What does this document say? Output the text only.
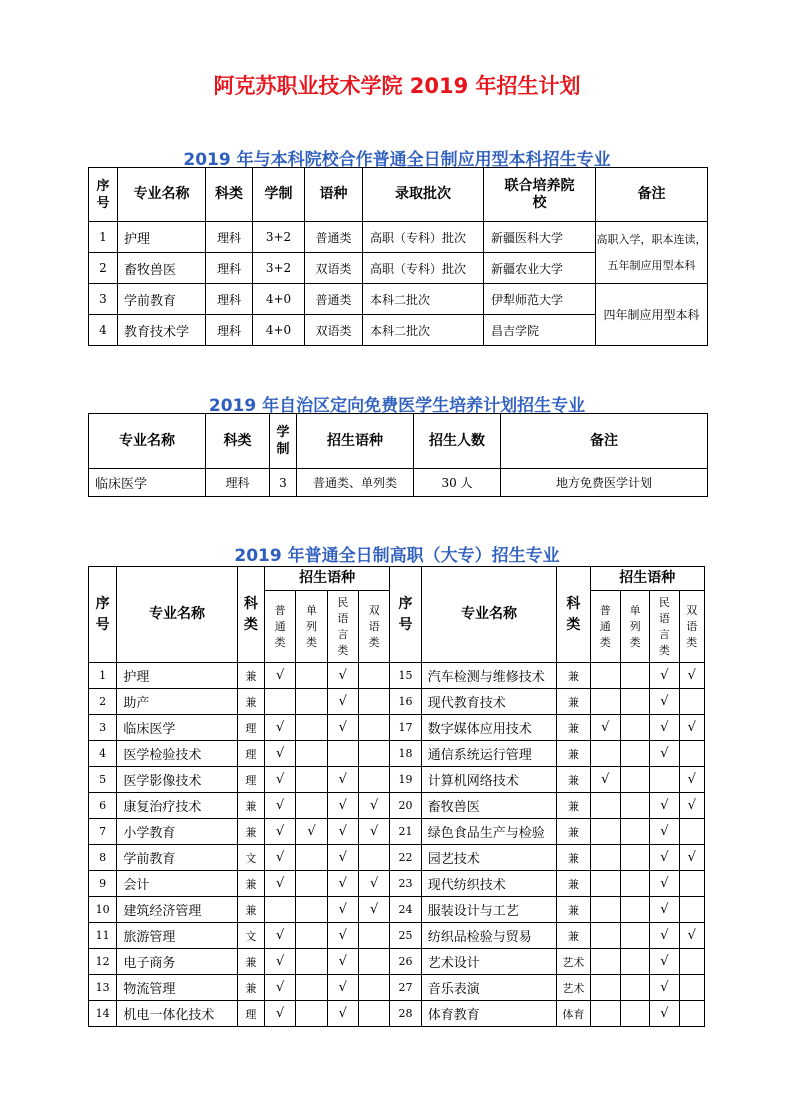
阿克苏职业技术学院 2019 年招生计划
2019 年与本科院校合作普通全日制应用型本科招生专业
序号	专业名称	科类	学制	语种	录取批次	联合培养院校	备注
1	护理	理科	3+2	普通类	高职（专科）批次	新疆医科大学	高职入学，职本连读，五年制应用型本科
2	畜牧兽医	理科	3+2	双语类	高职（专科）批次	新疆农业大学	
3	学前教育	理科	4+0	普通类	本科二批次	伊犁师范大学	四年制应用型本科
4	教育技术学	理科	4+0	双语类	本科二批次	昌吉学院	
2019 年自治区定向免费医学生培养计划招生专业
专业名称	科类	学制	招生语种	招生人数	备注
临床医学	理科	3	普通类、单列类	30 人	地方免费医学计划
2019 年普通全日制高职（大专）招生专业
序号	专业名称	科类	招生语种				序号	专业名称	科类	招生语种			
			普通类	单列类	民语言类	双语类				普通类	单列类	民语言类	双语类
1	护理	兼	√		√		15	汽车检测与维修技术	兼			√	√
2	助产	兼			√		16	现代教育技术	兼			√	
3	临床医学	理	√		√		17	数字媒体应用技术	兼	√		√	√
4	医学检验技术	理	√				18	通信系统运行管理	兼			√	
5	医学影像技术	理	√		√		19	计算机网络技术	兼	√			√
6	康复治疗技术	兼	√		√	√	20	畜牧兽医	兼			√	√
7	小学教育	兼	√	√	√	√	21	绿色食品生产与检验	兼			√	
8	学前教育	文	√		√		22	园艺技术	兼			√	√
9	会计	兼	√		√	√	23	现代纺织技术	兼			√	
10	建筑经济管理	兼			√	√	24	服装设计与工艺	兼			√	
11	旅游管理	文	√		√		25	纺织品检验与贸易	兼			√	√
12	电子商务	兼	√		√		26	艺术设计	艺术			√	
13	物流管理	兼	√		√		27	音乐表演	艺术			√	
14	机电一体化技术	理	√		√		28	体育教育	体育			√	
